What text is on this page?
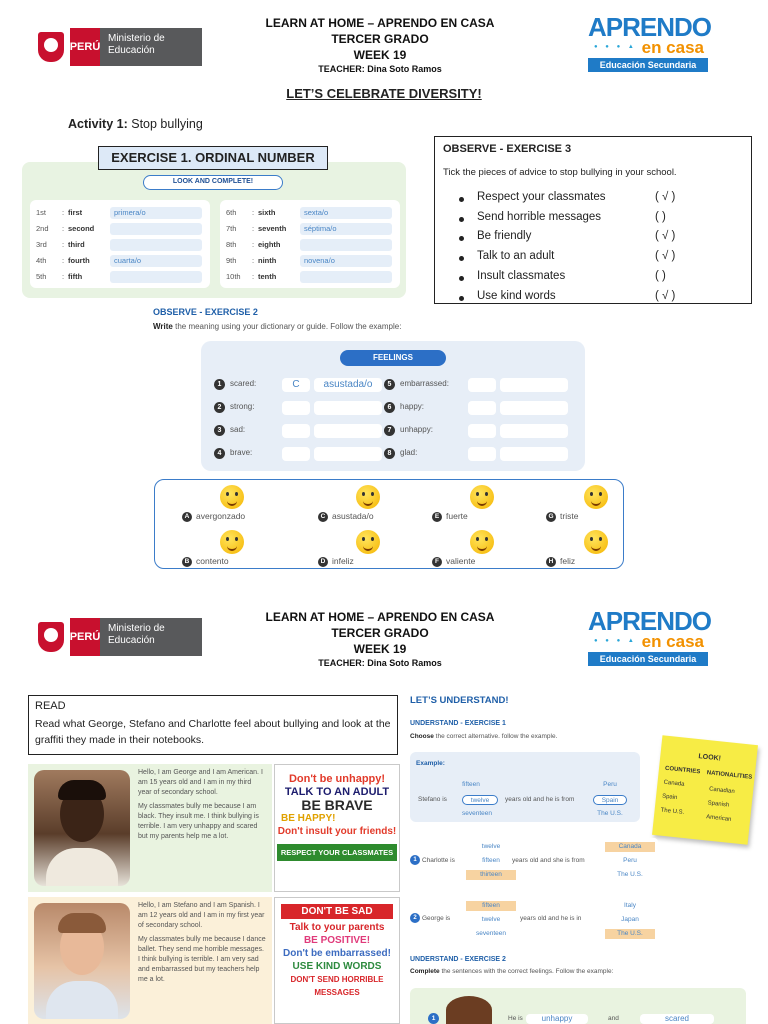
PERÚ
Ministerio de Educación
LEARN AT HOME – APRENDO EN CASA
TERCER GRADO
WEEK 19
TEACHER: Dina Soto Ramos
APRENDO
en casa
● ● ● ▲
Educación Secundaria
LET’S CELEBRATE DIVERSITY!
Activity 1: Stop bullying
EXERCISE 1. ORDINAL NUMBER
LOOK AND COMPLETE!
1st : first	primera/o
2nd : second
3rd : third
4th : fourth	cuarta/o
5th : fifth
6th : sixth	sexta/o
7th : seventh	séptima/o
8th : eighth
9th : ninth	novena/o
10th : tenth
OBSERVE - EXERCISE 3
Tick the pieces of advice to stop bullying in your school.
Respect your classmates	( √ )
Send horrible messages	( )
Be friendly	( √ )
Talk to an adult	( √ )
Insult classmates	( )
Use kind words	( √ )
OBSERVE - EXERCISE 2
Write the meaning using your dictionary or guide. Follow the example:
FEELINGS
1	scared:	C	asustada/o
2	strong:
3	sad:
4	brave:
5	embarrassed:
6	happy:
7	unhappy:
8	glad:
A avergonzado	C asustada/o	E fuerte	G triste
B contento	D infeliz	F valiente	H feliz
PERÚ
Ministerio de Educación
LEARN AT HOME – APRENDO EN CASA
TERCER GRADO
WEEK 19
TEACHER: Dina Soto Ramos
APRENDO
en casa
● ● ● ▲
Educación Secundaria
READ
Read what George, Stefano and Charlotte feel about bullying and look at the graffiti they made in their notebooks.

Hello, I am George and I am American. I am 15 years old and I am in my third year of secondary school.

My classmates bully me because I am black. They insult me. I think bullying is terrible. I am very unhappy and scared but my parents help me a lot.

Don't be unhappy!
TALK TO AN ADULT
BE BRAVE
BE HAPPY!
Don't insult your friends!
RESPECT YOUR CLASSMATES

Hello, I am Stefano and I am Spanish. I am 12 years old and I am in my first year of secondary school.

My classmates bully me because I dance ballet. They send me horrible messages. I think bullying is terrible. I am very sad and embarrassed but my teachers help me a lot.

DON'T BE SAD
Talk to your parents
BE POSITIVE!
Don't be embarrassed!
USE KIND WORDS
DON'T SEND HORRIBLE MESSAGES
LET’S UNDERSTAND!
UNDERSTAND - EXERCISE 1
Choose the correct alternative. follow the example.
Example:
Stefano is
fifteen
twelve
seventeen
years old and he is from
Peru
Spain
The U.S.
LOOK!
COUNTRIES NATIONALITIES
Canada
Canadian
Spain
Spanish
The U.S.
American
1 Charlotte is
twelve
fifteen
thirteen
years old and she is from
Canada
Peru
The U.S.
2 George is
fifteen
twelve
seventeen
years old and he is in
Italy
Japan
The U.S.
UNDERSTAND - EXERCISE 2
Complete the sentences with the correct feelings. Follow the example:
1	He is	unhappy	and	scared
